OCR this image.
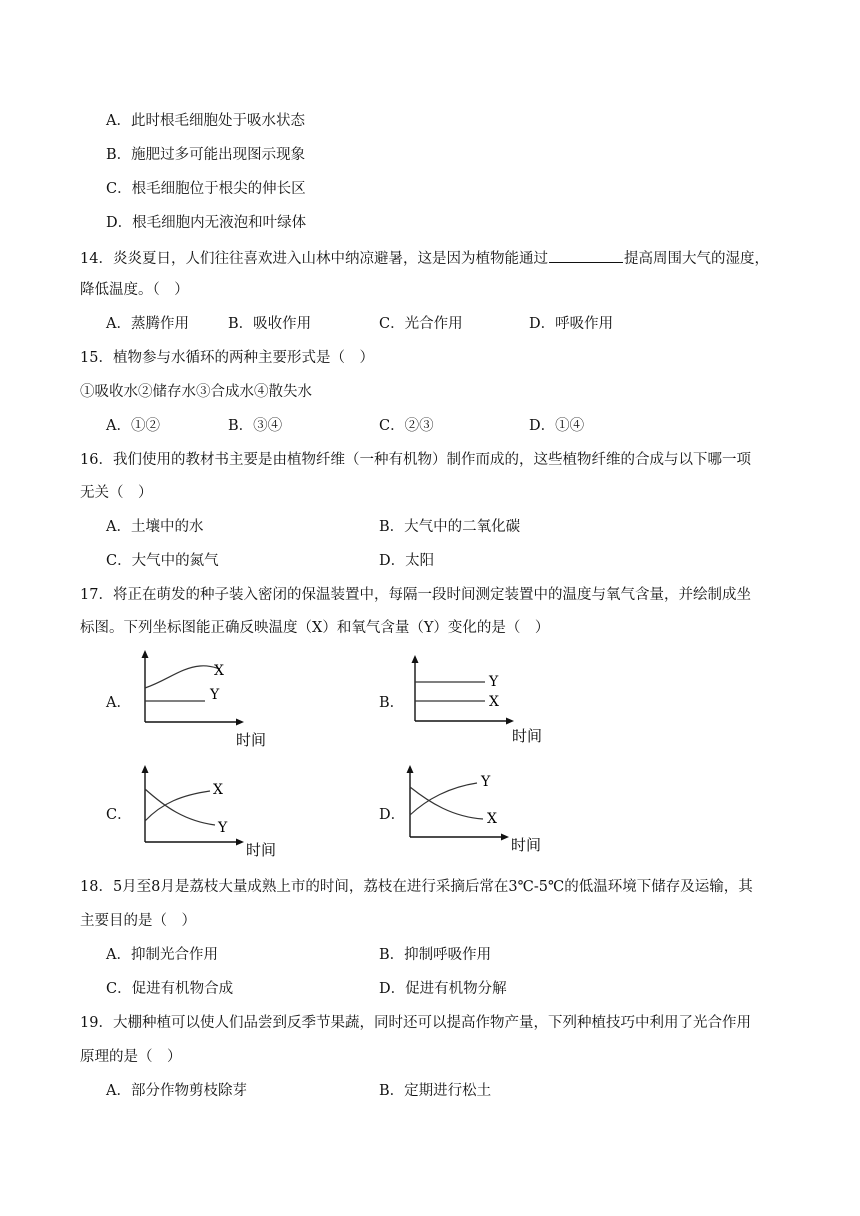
A．此时根毛细胞处于吸水状态
B．施肥过多可能出现图示现象
C．根毛细胞位于根尖的伸长区
D．根毛细胞内无液泡和叶绿体
14．炎炎夏日，人们往往喜欢进入山林中纳凉避暑，这是因为植物能通过	提高周围大气的湿度，
降低温度。（　）
A．蒸腾作用	B．吸收作用	C．光合作用	D．呼吸作用
15．植物参与水循环的两种主要形式是（　）
①吸收水②储存水③合成水④散失水
A．①②	B．③④	C．②③	D．①④
16．我们使用的教材书主要是由植物纤维（一种有机物）制作而成的，这些植物纤维的合成与以下哪一项
无关（　）
A．土壤中的水	B．大气中的二氧化碳
C．大气中的氮气	D．太阳
17．将正在萌发的种子装入密闭的保温装置中，每隔一段时间测定装置中的温度与氧气含量，并绘制成坐
标图。下列坐标图能正确反映温度（X）和氧气含量（Y）变化的是（　）
A．
X
Y
时间
B．
Y
X
时间
C．
X
Y
时间
D．
Y
X
时间
18．5月至8月是荔枝大量成熟上市的时间，荔枝在进行采摘后常在3℃-5℃的低温环境下储存及运输，其
主要目的是（　）
A．抑制光合作用	B．抑制呼吸作用
C．促进有机物合成	D．促进有机物分解
19．大棚种植可以使人们品尝到反季节果蔬，同时还可以提高作物产量，下列种植技巧中利用了光合作用
原理的是（　）
A．部分作物剪枝除芽	B．定期进行松土
